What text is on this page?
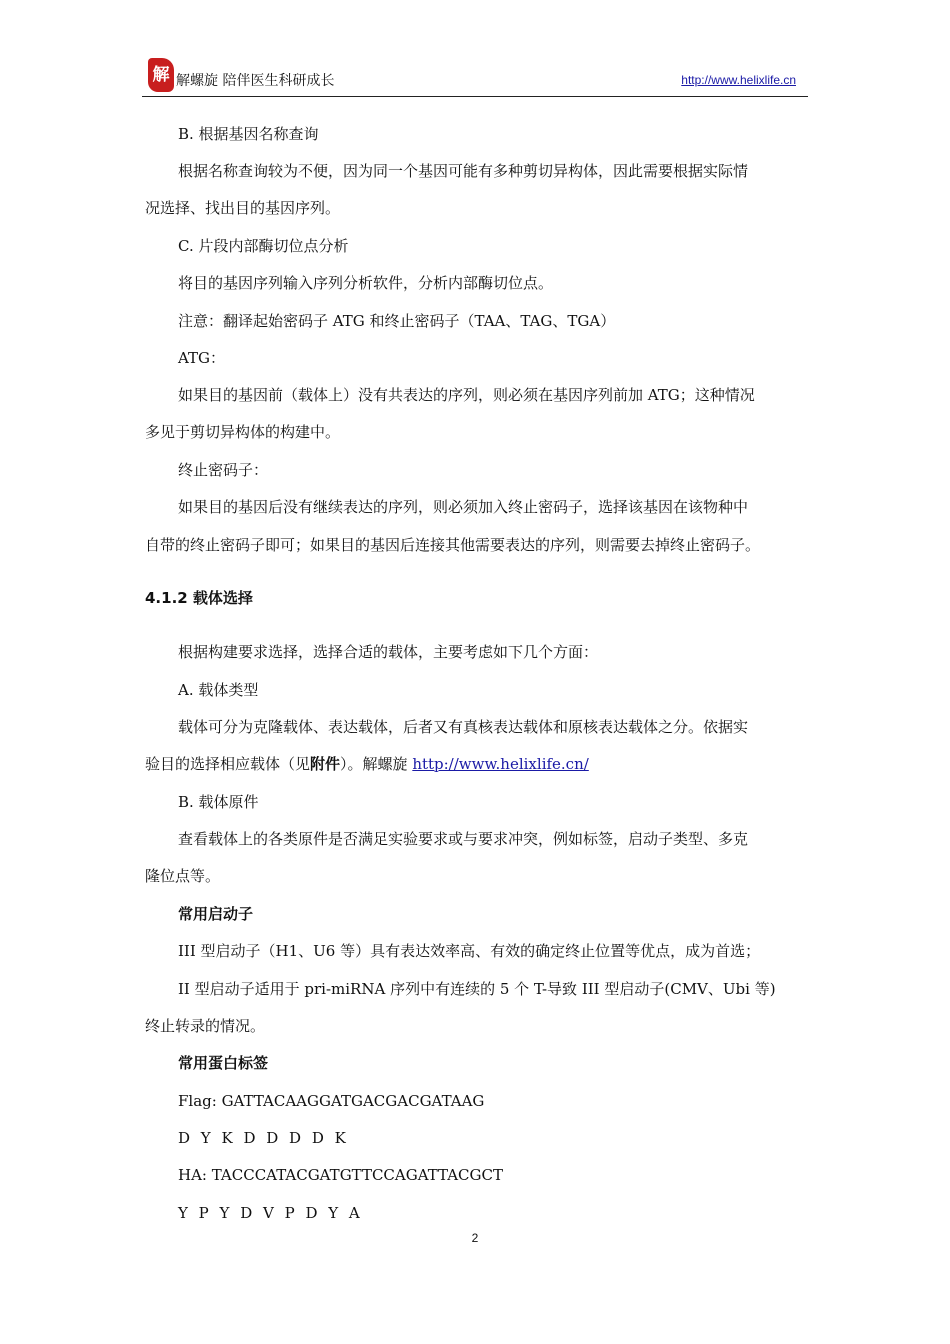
解 解螺旋 陪伴医生科研成长	http://www.helixlife.cn
B. 根据基因名称查询
根据名称查询较为不便，因为同一个基因可能有多种剪切异构体，因此需要根据实际情
况选择、找出目的基因序列。
C. 片段内部酶切位点分析
将目的基因序列输入序列分析软件，分析内部酶切位点。
注意：翻译起始密码子 ATG 和终止密码子（TAA、TAG、TGA）
ATG：
如果目的基因前（载体上）没有共表达的序列，则必须在基因序列前加 ATG；这种情况
多见于剪切异构体的构建中。
终止密码子：
如果目的基因后没有继续表达的序列，则必须加入终止密码子，选择该基因在该物种中
自带的终止密码子即可；如果目的基因后连接其他需要表达的序列，则需要去掉终止密码子。
4.1.2 载体选择
根据构建要求选择，选择合适的载体，主要考虑如下几个方面：
A. 载体类型
载体可分为克隆载体、表达载体，后者又有真核表达载体和原核表达载体之分。依据实
验目的选择相应载体（见附件）。解螺旋 http://www.helixlife.cn/
B. 载体原件
查看载体上的各类原件是否满足实验要求或与要求冲突，例如标签，启动子类型、多克
隆位点等。
常用启动子
III 型启动子（H1、U6 等）具有表达效率高、有效的确定终止位置等优点，成为首选；
II 型启动子适用于 pri-miRNA 序列中有连续的 5 个 T-导致 III 型启动子(CMV、Ubi 等)
终止转录的情况。
常用蛋白标签
Flag: GATTACAAGGATGACGACGATAAG
D Y K D D D D K
HA: TACCCATACGATGTTCCAGATTACGCT
Y P Y D V P D Y A
2
